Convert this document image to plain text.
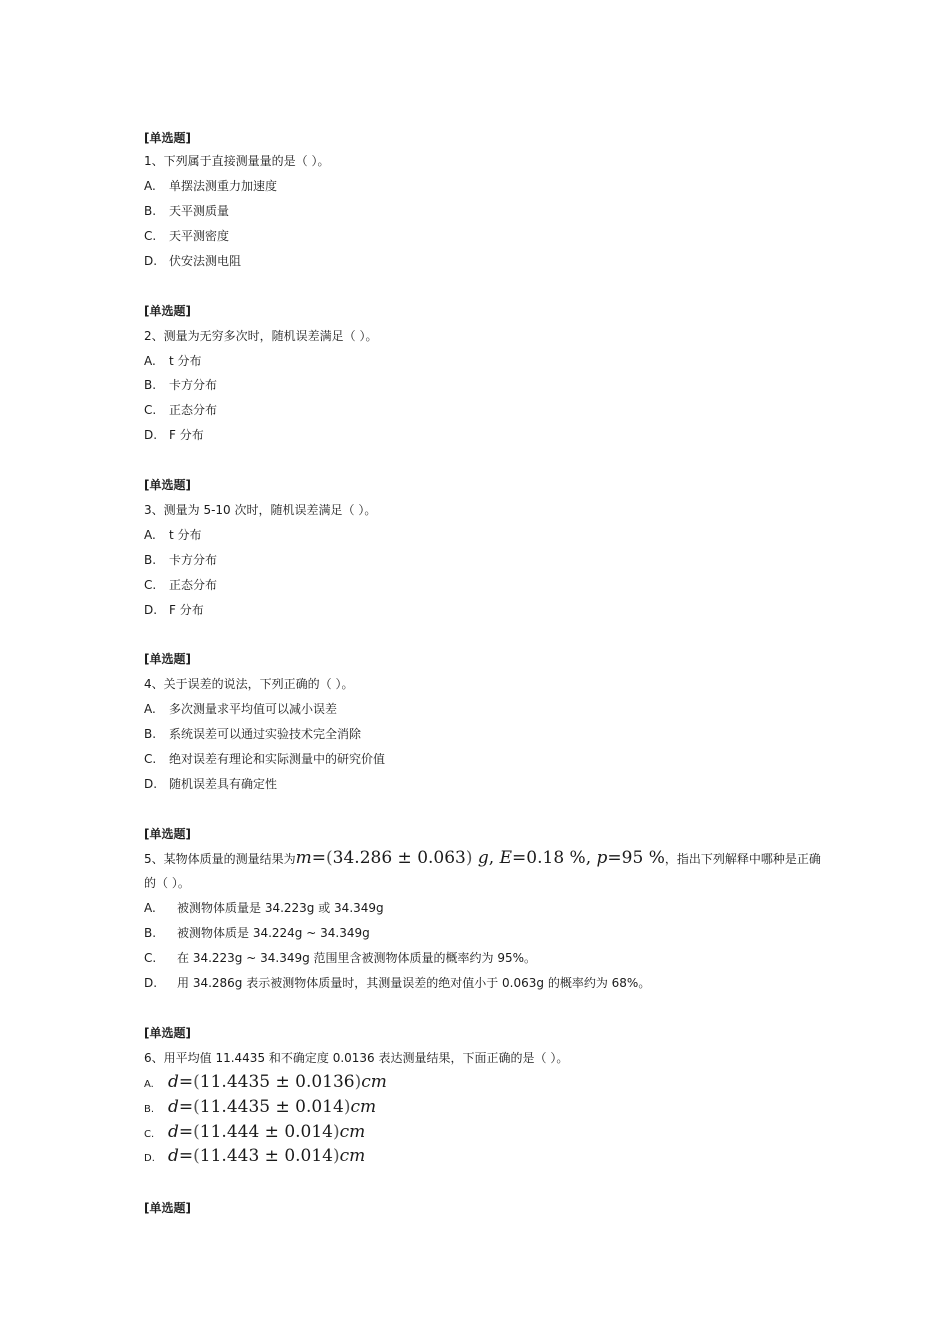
[单选题]
1、下列属于直接测量量的是（ ）。
A. 单摆法测重力加速度
B. 天平测质量
C. 天平测密度
D. 伏安法测电阻
[单选题]
2、测量为无穷多次时，随机误差满足（ ）。
A. t 分布
B. 卡方分布
C. 正态分布
D. F 分布
[单选题]
3、测量为 5-10 次时，随机误差满足（ ）。
A. t 分布
B. 卡方分布
C. 正态分布
D. F 分布
[单选题]
4、关于误差的说法，下列正确的（ ）。
A. 多次测量求平均值可以减小误差
B. 系统误差可以通过实验技术完全消除
C. 绝对误差有理论和实际测量中的研究价值
D. 随机误差具有确定性
[单选题]
5、某物体质量的测量结果为m=(34.286 ± 0.063) g, E=0.18 %, p=95 %，指出下列解释中哪种是正确
的（ ）。
A. 被测物体质量是 34.223g 或 34.349g
B. 被测物体质是 34.224g ~ 34.349g
C. 在 34.223g ~ 34.349g 范围里含被测物体质量的概率约为 95%。
D. 用 34.286g 表示被测物体质量时，其测量误差的绝对值小于 0.063g 的概率约为 68%。
[单选题]
6、用平均值 11.4435 和不确定度 0.0136 表达测量结果，下面正确的是（ ）。
A. d=(11.4435 ± 0.0136)cm
B. d=(11.4435 ± 0.014)cm
C. d=(11.444 ± 0.014)cm
D. d=(11.443 ± 0.014)cm
[单选题]
